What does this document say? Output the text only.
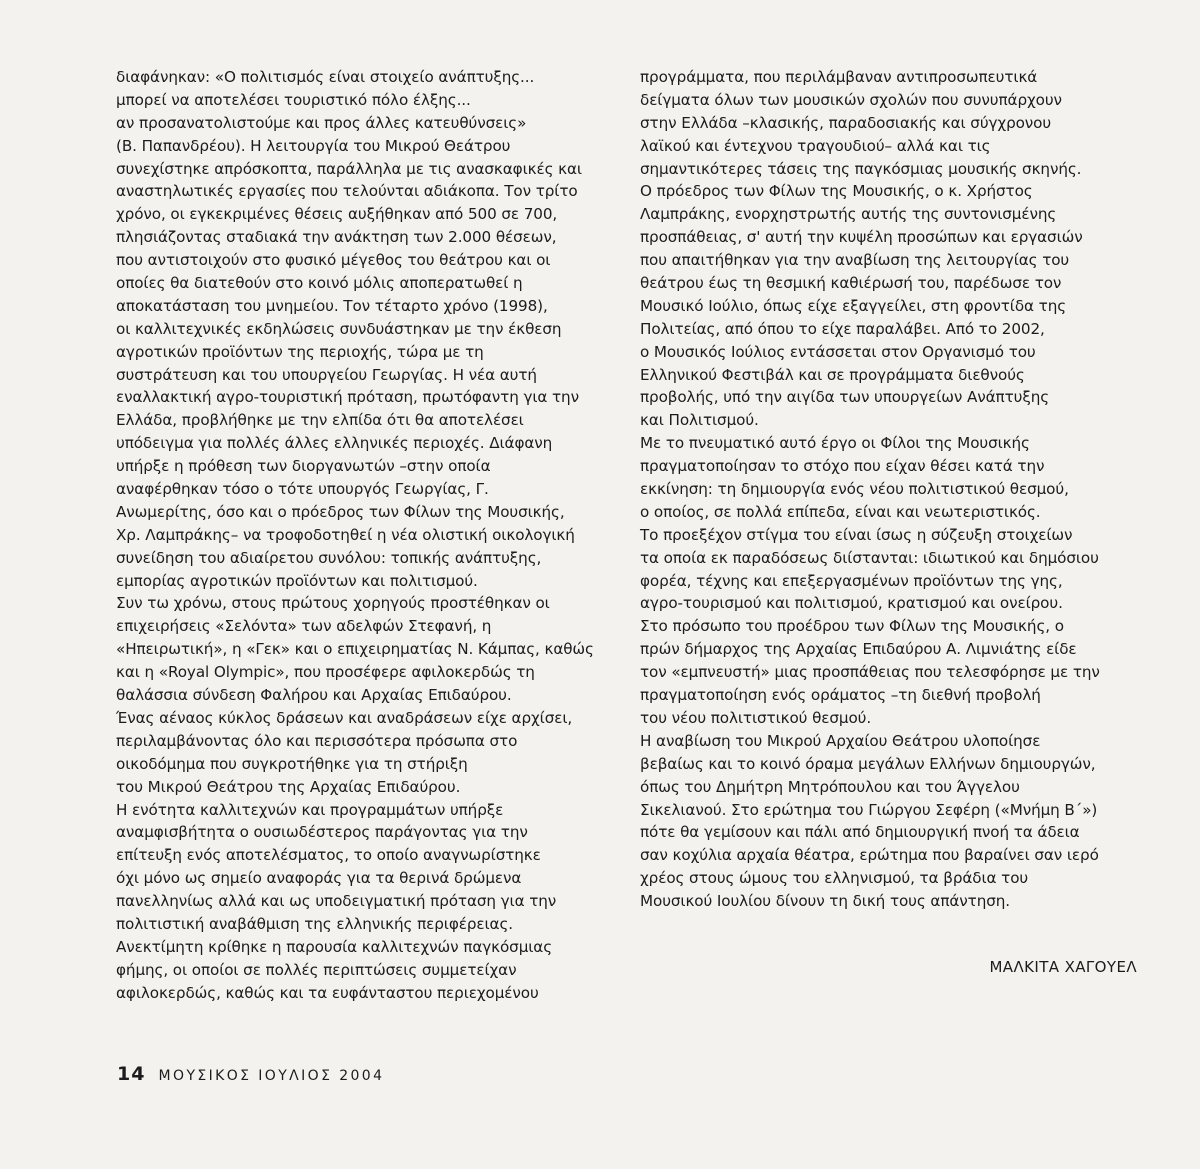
διαφάνηκαν: «Ο πολιτισμός είναι στοιχείο ανάπτυξης...
μπορεί να αποτελέσει τουριστικό πόλο έλξης...
αν προσανατολιστούμε και προς άλλες κατευθύνσεις»
(Β. Παπανδρέου). Η λειτουργία του Μικρού Θεάτρου
συνεχίστηκε απρόσκοπτα, παράλληλα με τις ανασκαφικές και
αναστηλωτικές εργασίες που τελούνται αδιάκοπα. Τον τρίτο
χρόνο, οι εγκεκριμένες θέσεις αυξήθηκαν από 500 σε 700,
πλησιάζοντας σταδιακά την ανάκτηση των 2.000 θέσεων,
που αντιστοιχούν στο φυσικό μέγεθος του θεάτρου και οι
οποίες θα διατεθούν στο κοινό μόλις αποπερατωθεί η
αποκατάσταση του μνημείου. Τον τέταρτο χρόνο (1998),
οι καλλιτεχνικές εκδηλώσεις συνδυάστηκαν με την έκθεση
αγροτικών προϊόντων της περιοχής, τώρα με τη
συστράτευση και του υπουργείου Γεωργίας. Η νέα αυτή
εναλλακτική αγρο-τουριστική πρόταση, πρωτόφαντη για την
Ελλάδα, προβλήθηκε με την ελπίδα ότι θα αποτελέσει
υπόδειγμα για πολλές άλλες ελληνικές περιοχές. Διάφανη
υπήρξε η πρόθεση των διοργανωτών –στην οποία
αναφέρθηκαν τόσο ο τότε υπουργός Γεωργίας, Γ.
Ανωμερίτης, όσο και ο πρόεδρος των Φίλων της Μουσικής,
Χρ. Λαμπράκης– να τροφοδοτηθεί η νέα ολιστική οικολογική
συνείδηση του αδιαίρετου συνόλου: τοπικής ανάπτυξης,
εμπορίας αγροτικών προϊόντων και πολιτισμού.
Συν τω χρόνω, στους πρώτους χορηγούς προστέθηκαν οι
επιχειρήσεις «Σελόντα» των αδελφών Στεφανή, η
«Ηπειρωτική», η «Γεκ» και ο επιχειρηματίας Ν. Κάμπας, καθώς
και η «Royal Olympic», που προσέφερε αφιλοκερδώς τη
θαλάσσια σύνδεση Φαλήρου και Αρχαίας Επιδαύρου.
Ένας αέναος κύκλος δράσεων και αναδράσεων είχε αρχίσει,
περιλαμβάνοντας όλο και περισσότερα πρόσωπα στο
οικοδόμημα που συγκροτήθηκε για τη στήριξη
του Μικρού Θεάτρου της Αρχαίας Επιδαύρου.
Η ενότητα καλλιτεχνών και προγραμμάτων υπήρξε
αναμφισβήτητα ο ουσιωδέστερος παράγοντας για την
επίτευξη ενός αποτελέσματος, το οποίο αναγνωρίστηκε
όχι μόνο ως σημείο αναφοράς για τα θερινά δρώμενα
πανελληνίως αλλά και ως υποδειγματική πρόταση για την
πολιτιστική αναβάθμιση της ελληνικής περιφέρειας.
Ανεκτίμητη κρίθηκε η παρουσία καλλιτεχνών παγκόσμιας
φήμης, οι οποίοι σε πολλές περιπτώσεις συμμετείχαν
αφιλοκερδώς, καθώς και τα ευφάνταστου περιεχομένου
προγράμματα, που περιλάμβαναν αντιπροσωπευτικά
δείγματα όλων των μουσικών σχολών που συνυπάρχουν
στην Ελλάδα –κλασικής, παραδοσιακής και σύγχρονου
λαϊκού και έντεχνου τραγουδιού– αλλά και τις
σημαντικότερες τάσεις της παγκόσμιας μουσικής σκηνής.
Ο πρόεδρος των Φίλων της Μουσικής, ο κ. Χρήστος
Λαμπράκης, ενορχηστρωτής αυτής της συντονισμένης
προσπάθειας, σ' αυτή την κυψέλη προσώπων και εργασιών
που απαιτήθηκαν για την αναβίωση της λειτουργίας του
θεάτρου έως τη θεσμική καθιέρωσή του, παρέδωσε τον
Μουσικό Ιούλιο, όπως είχε εξαγγείλει, στη φροντίδα της
Πολιτείας, από όπου το είχε παραλάβει. Από το 2002,
ο Μουσικός Ιούλιος εντάσσεται στον Οργανισμό του
Ελληνικού Φεστιβάλ και σε προγράμματα διεθνούς
προβολής, υπό την αιγίδα των υπουργείων Ανάπτυξης
και Πολιτισμού.
Με το πνευματικό αυτό έργο οι Φίλοι της Μουσικής
πραγματοποίησαν το στόχο που είχαν θέσει κατά την
εκκίνηση: τη δημιουργία ενός νέου πολιτιστικού θεσμού,
ο οποίος, σε πολλά επίπεδα, είναι και νεωτεριστικός.
Το προεξέχον στίγμα του είναι ίσως η σύζευξη στοιχείων
τα οποία εκ παραδόσεως διίστανται: ιδιωτικού και δημόσιου
φορέα, τέχνης και επεξεργασμένων προϊόντων της γης,
αγρο-τουρισμού και πολιτισμού, κρατισμού και ονείρου.
Στο πρόσωπο του προέδρου των Φίλων της Μουσικής, ο
πρών δήμαρχος της Αρχαίας Επιδαύρου Α. Λιμνιάτης είδε
τον «εμπνευστή» μιας προσπάθειας που τελεσφόρησε με την
πραγματοποίηση ενός οράματος –τη διεθνή προβολή
του νέου πολιτιστικού θεσμού.
Η αναβίωση του Μικρού Αρχαίου Θεάτρου υλοποίησε
βεβαίως και το κοινό όραμα μεγάλων Ελλήνων δημιουργών,
όπως του Δημήτρη Μητρόπουλου και του Άγγελου
Σικελιανού. Στο ερώτημα του Γιώργου Σεφέρη («Μνήμη Β΄»)
πότε θα γεμίσουν και πάλι από δημιουργική πνοή τα άδεια
σαν κοχύλια αρχαία θέατρα, ερώτημα που βαραίνει σαν ιερό
χρέος στους ώμους του ελληνισμού, τα βράδια του
Μουσικού Ιουλίου δίνουν τη δική τους απάντηση.
ΜΑΛΚΙΤΑ ΧΑΓΟΥΕΛ
14 ΜΟΥΣΙΚΟΣ ΙΟΥΛΙΟΣ 2004
